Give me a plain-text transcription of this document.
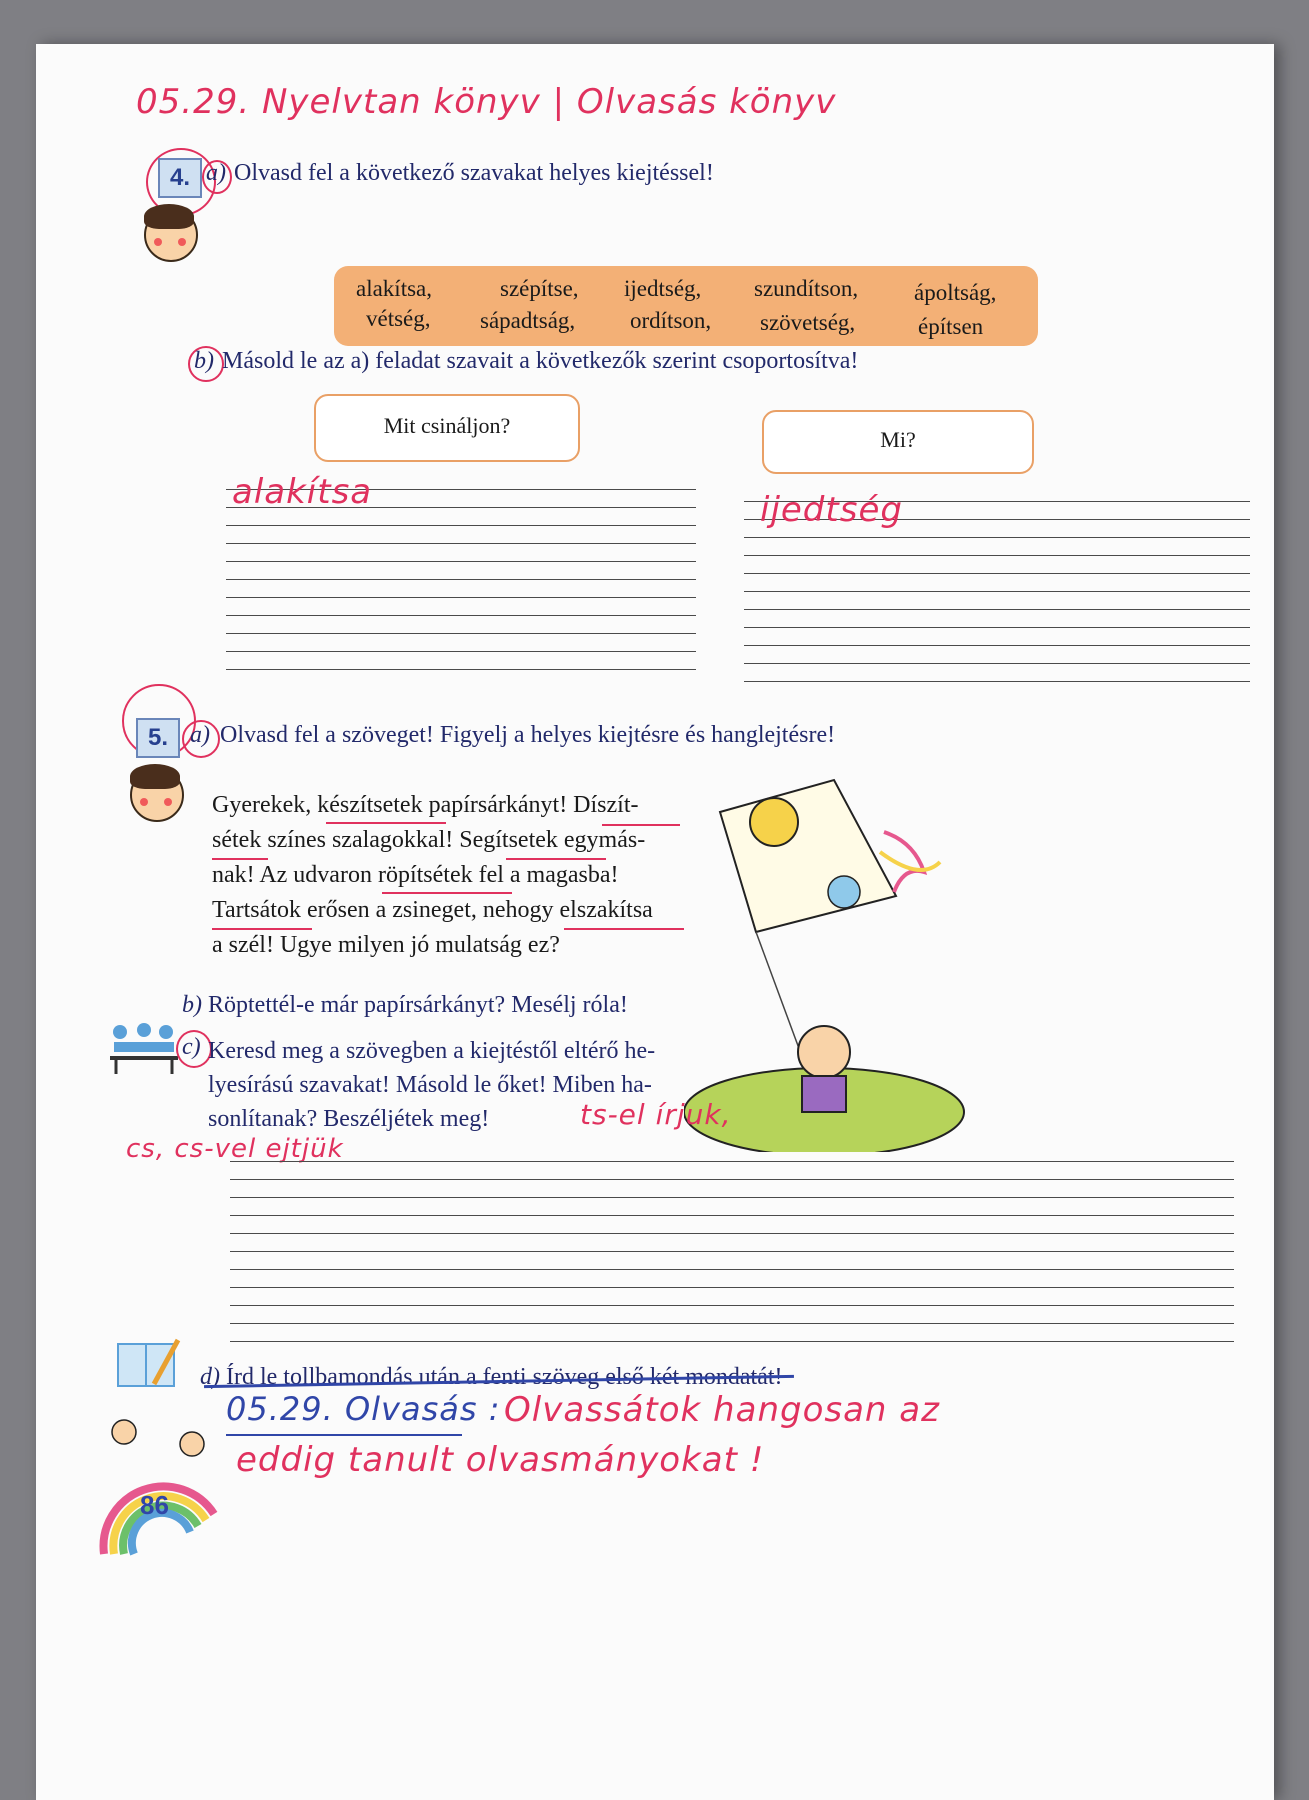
05.29. Nyelvtan könyv | Olvasás könyv
4. a) Olvasd fel a következő szavakat helyes kiejtéssel!
alakítsa,	szépítse, ijedtség, szundítson, ápoltság,
vétség, sápadtság, ordítson, szövetség,	építsen
b) Másold le az a) feladat szavait a következők szerint csoportosítva!
Mit csináljon?
Mi?
alakítsa	ijedtség
5. a) Olvasd fel a szöveget! Figyelj a helyes kiejtésre és hanglejtésre!
Gyerekek, készítsetek papírsárkányt! Díszít-
sétek színes szalagokkal! Segítsetek egymás-
nak! Az udvaron röpítsétek fel a magasba!
Tartsátok erősen a zsineget, nehogy elszakítsa
a szél! Ugye milyen jó mulatság ez?
b) Röptettél-e már papírsárkányt? Mesélj róla!
c) Keresd meg a szövegben a kiejtéstől eltérő he-
lyesírású szavakat! Másold le őket! Miben ha-
sonlítanak? Beszéljétek meg!	ts-el írjuk,
cs, cs-vel ejtjük
d) Írd le tollbamondás után a fenti szöveg első két mondatát!
05.29. Olvasás : Olvassátok hangosan az
eddig tanult olvasmányokat !
86
